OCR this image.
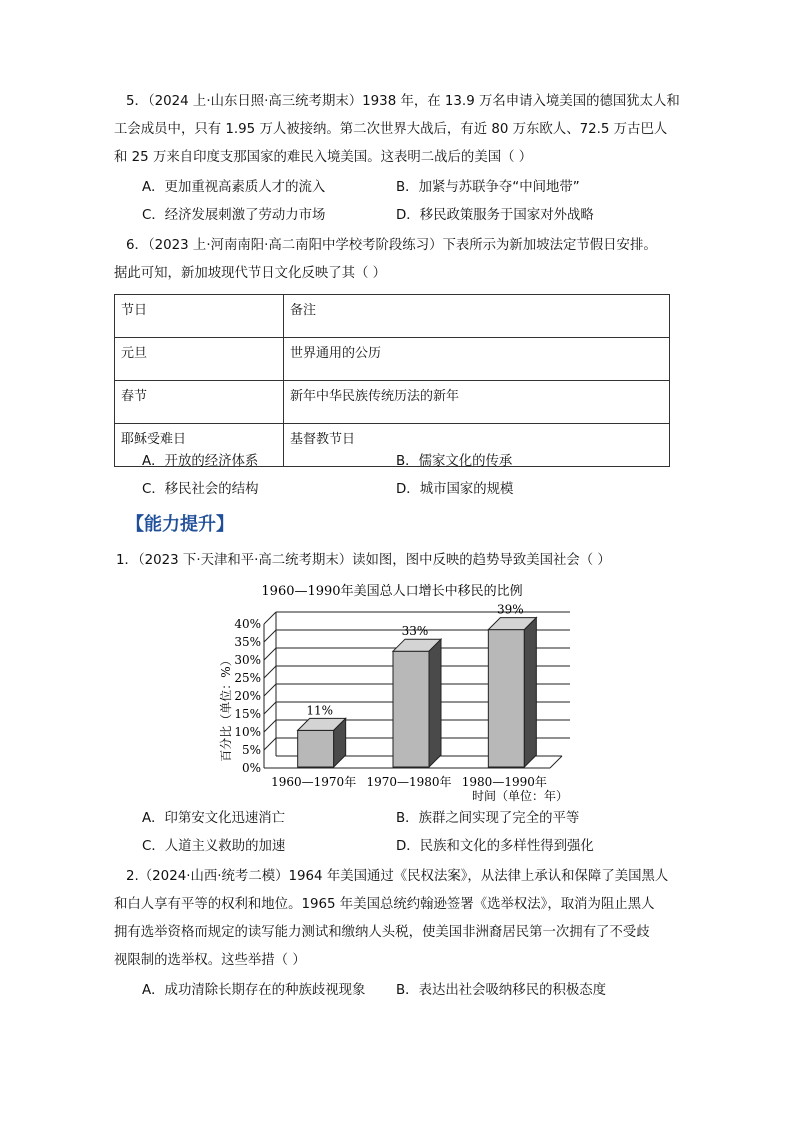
5．（2024 上·山东日照·高三统考期末）1938 年，在 13.9 万名申请入境美国的德国犹太人和
工会成员中，只有 1.95 万人被接纳。第二次世界大战后，有近 80 万东欧人、72.5 万古巴人
和 25 万来自印度支那国家的难民入境美国。这表明二战后的美国（ ）
A．更加重视高素质人才的流入	B．加紧与苏联争夺“中间地带”
C．经济发展刺激了劳动力市场	D．移民政策服务于国家对外战略
6．（2023 上·河南南阳·高二南阳中学校考阶段练习）下表所示为新加坡法定节假日安排。
据此可知，新加坡现代节日文化反映了其（ ）
节日	备注
元旦	世界通用的公历
春节	新年中华民族传统历法的新年
耶稣受难日	基督教节日
A．开放的经济体系	B．儒家文化的传承
C．移民社会的结构	D．城市国家的规模
【能力提升】
1．（2023 下·天津和平·高二统考期末）读如图，图中反映的趋势导致美国社会（ ）
1960—1990年美国总人口增长中移民的比例
0%
5%
10%
15%
20%
25%
30%
35%
40%
11%
33%
39%
1960—1970年 1970—1980年 1980—1990年
百分比（单位：%）
时间（单位：年）
A．印第安文化迅速消亡	B．族群之间实现了完全的平等
C．人道主义救助的加速	D．民族和文化的多样性得到强化
2.（2024·山西·统考二模）1964 年美国通过《民权法案》，从法律上承认和保障了美国黑人
和白人享有平等的权利和地位。1965 年美国总统约翰逊签署《选举权法》，取消为阻止黑人
拥有选举资格而规定的读写能力测试和缴纳人头税，使美国非洲裔居民第一次拥有了不受歧
视限制的选举权。这些举措（ ）
A．成功清除长期存在的种族歧视现象 B．表达出社会吸纳移民的积极态度
